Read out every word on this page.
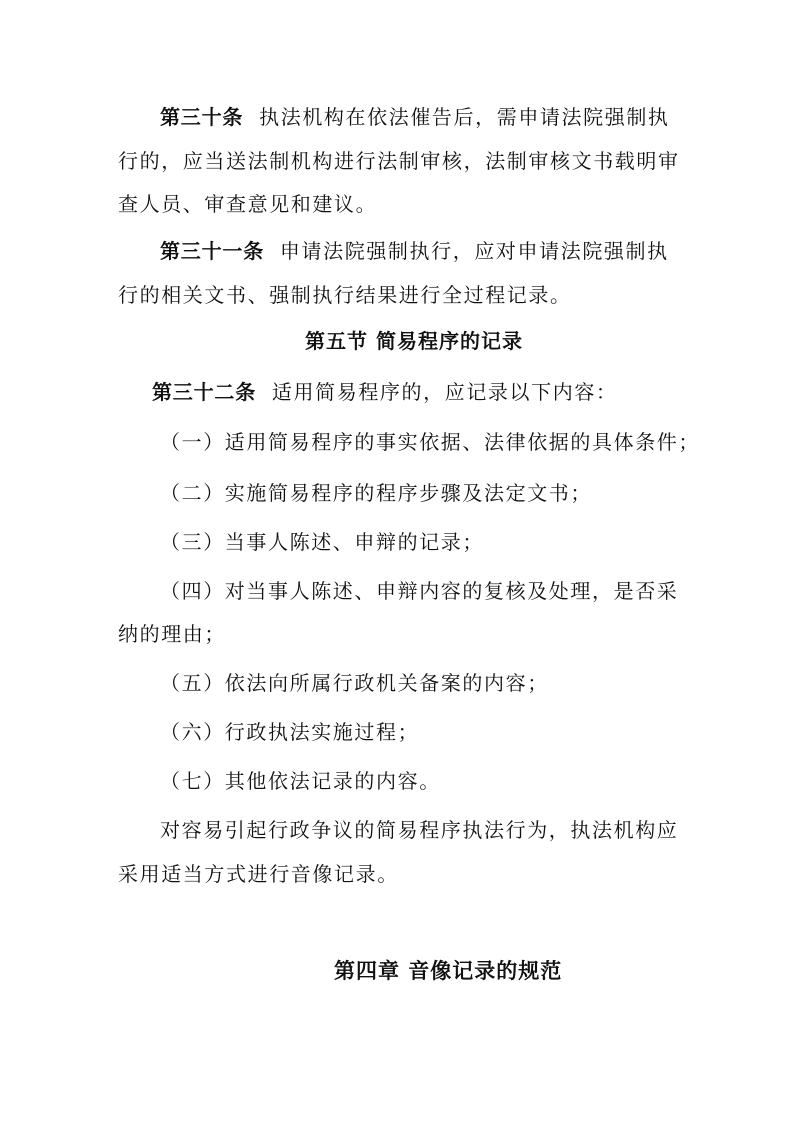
第三十条 执法机构在依法催告后，需申请法院强制执
行的，应当送法制机构进行法制审核，法制审核文书载明审
查人员、审查意见和建议。
第三十一条 申请法院强制执行，应对申请法院强制执
行的相关文书、强制执行结果进行全过程记录。
第五节 简易程序的记录
第三十二条 适用简易程序的，应记录以下内容：
（一）适用简易程序的事实依据、法律依据的具体条件；
（二）实施简易程序的程序步骤及法定文书；
（三）当事人陈述、申辩的记录；
（四）对当事人陈述、申辩内容的复核及处理，是否采
纳的理由；
（五）依法向所属行政机关备案的内容；
（六）行政执法实施过程；
（七）其他依法记录的内容。
对容易引起行政争议的简易程序执法行为，执法机构应
采用适当方式进行音像记录。
第四章 音像记录的规范
